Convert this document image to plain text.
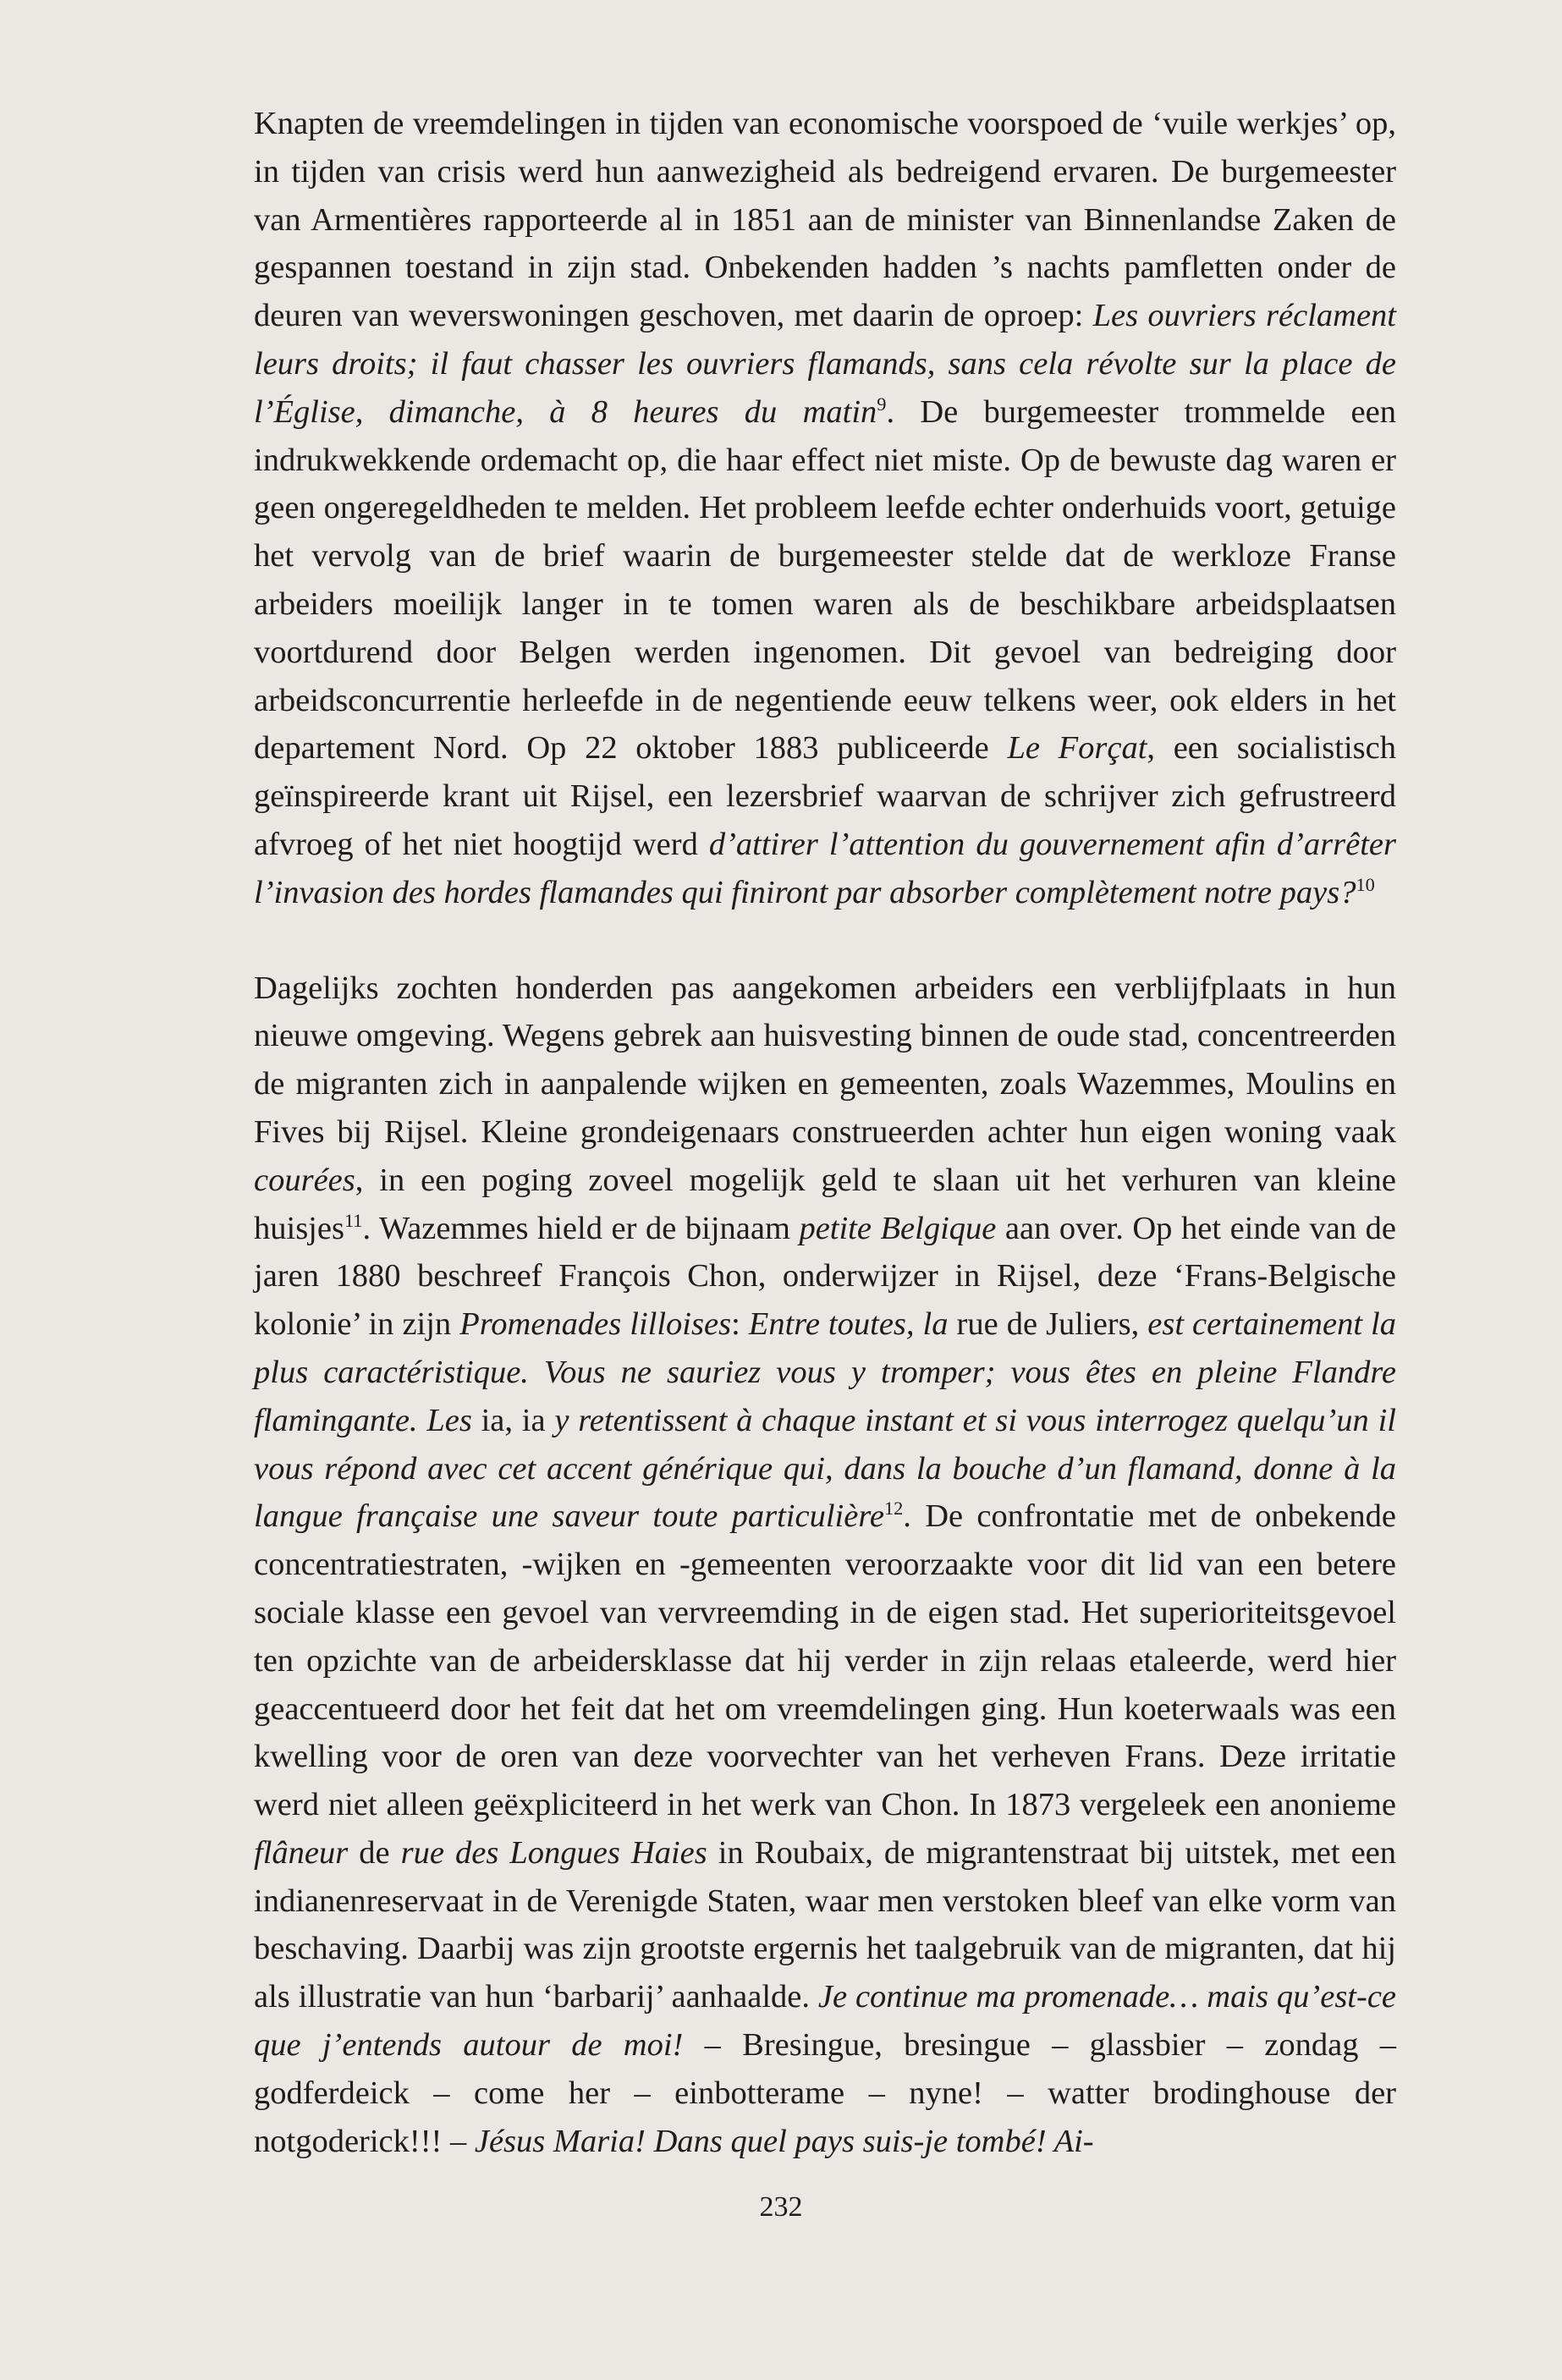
Knapten de vreemdelingen in tijden van economische voorspoed de ‘vuile werkjes’ op, in tijden van crisis werd hun aanwezigheid als bedreigend ervaren. De burgemeester van Armentières rapporteerde al in 1851 aan de minister van Binnenlandse Zaken de gespannen toestand in zijn stad. Onbekenden hadden ’s nachts pamfletten onder de deuren van weverswoningen geschoven, met daarin de oproep: Les ouvriers réclament leurs droits; il faut chasser les ouvriers flamands, sans cela révolte sur la place de l’Église, dimanche, à 8 heures du matin$^9$. De burgemeester trommelde een indrukwekkende ordemacht op, die haar effect niet miste. Op de bewuste dag waren er geen ongeregeldheden te melden. Het probleem leefde echter onderhuids voort, getuige het vervolg van de brief waarin de burgemeester stelde dat de werkloze Franse arbeiders moeilijk langer in te tomen waren als de beschikbare arbeidsplaatsen voortdurend door Belgen werden ingenomen. Dit gevoel van bedreiging door arbeidsconcurrentie herleefde in de negentiende eeuw telkens weer, ook elders in het departement Nord. Op 22 oktober 1883 publiceerde Le Forçat, een socialistisch geïnspireerde krant uit Rijsel, een lezersbrief waarvan de schrijver zich gefrustreerd afvroeg of het niet hoogtijd werd d’attirer l’attention du gouvernement afin d’arrêter l’invasion des hordes flamandes qui finiront par absorber complètement notre pays?$^{10}$

Dagelijks zochten honderden pas aangekomen arbeiders een verblijfplaats in hun nieuwe omgeving. Wegens gebrek aan huisvesting binnen de oude stad, concentreerden de migranten zich in aanpalende wijken en gemeenten, zoals Wazemmes, Moulins en Fives bij Rijsel. Kleine grondeigenaars construeerden achter hun eigen woning vaak courées, in een poging zoveel mogelijk geld te slaan uit het verhuren van kleine huisjes$^{11}$. Wazemmes hield er de bijnaam petite Belgique aan over. Op het einde van de jaren 1880 beschreef François Chon, onderwijzer in Rijsel, deze ‘Frans-Belgische kolonie’ in zijn Promenades lilloises: Entre toutes, la rue de Juliers, est certainement la plus caractéristique. Vous ne sauriez vous y tromper; vous êtes en pleine Flandre flamingante. Les ia, ia y retentissent à chaque instant et si vous interrogez quelqu’un il vous répond avec cet accent générique qui, dans la bouche d’un flamand, donne à la langue française une saveur toute particulière$^{12}$. De confrontatie met de onbekende concentratiestraten, -wijken en -gemeenten veroorzaakte voor dit lid van een betere sociale klasse een gevoel van vervreemding in de eigen stad. Het superioriteitsgevoel ten opzichte van de arbeidersklasse dat hij verder in zijn relaas etaleerde, werd hier geaccentueerd door het feit dat het om vreemdelingen ging. Hun koeterwaals was een kwelling voor de oren van deze voorvechter van het verheven Frans. Deze irritatie werd niet alleen geëxpliciteerd in het werk van Chon. In 1873 vergeleek een anonieme flâneur de rue des Longues Haies in Roubaix, de migrantenstraat bij uitstek, met een indianenreservaat in de Verenigde Staten, waar men verstoken bleef van elke vorm van beschaving. Daarbij was zijn grootste ergernis het taalgebruik van de migranten, dat hij als illustratie van hun ‘barbarij’ aanhaalde. Je continue ma promenade… mais qu’est-ce que j’entends autour de moi! – Bresingue, bresingue – glassbier – zondag – godferdeick – come her – einbotterame – nyne! – watter brodinghouse der notgoderick!!! – Jésus Maria! Dans quel pays suis-je tombé! Ai-

232
